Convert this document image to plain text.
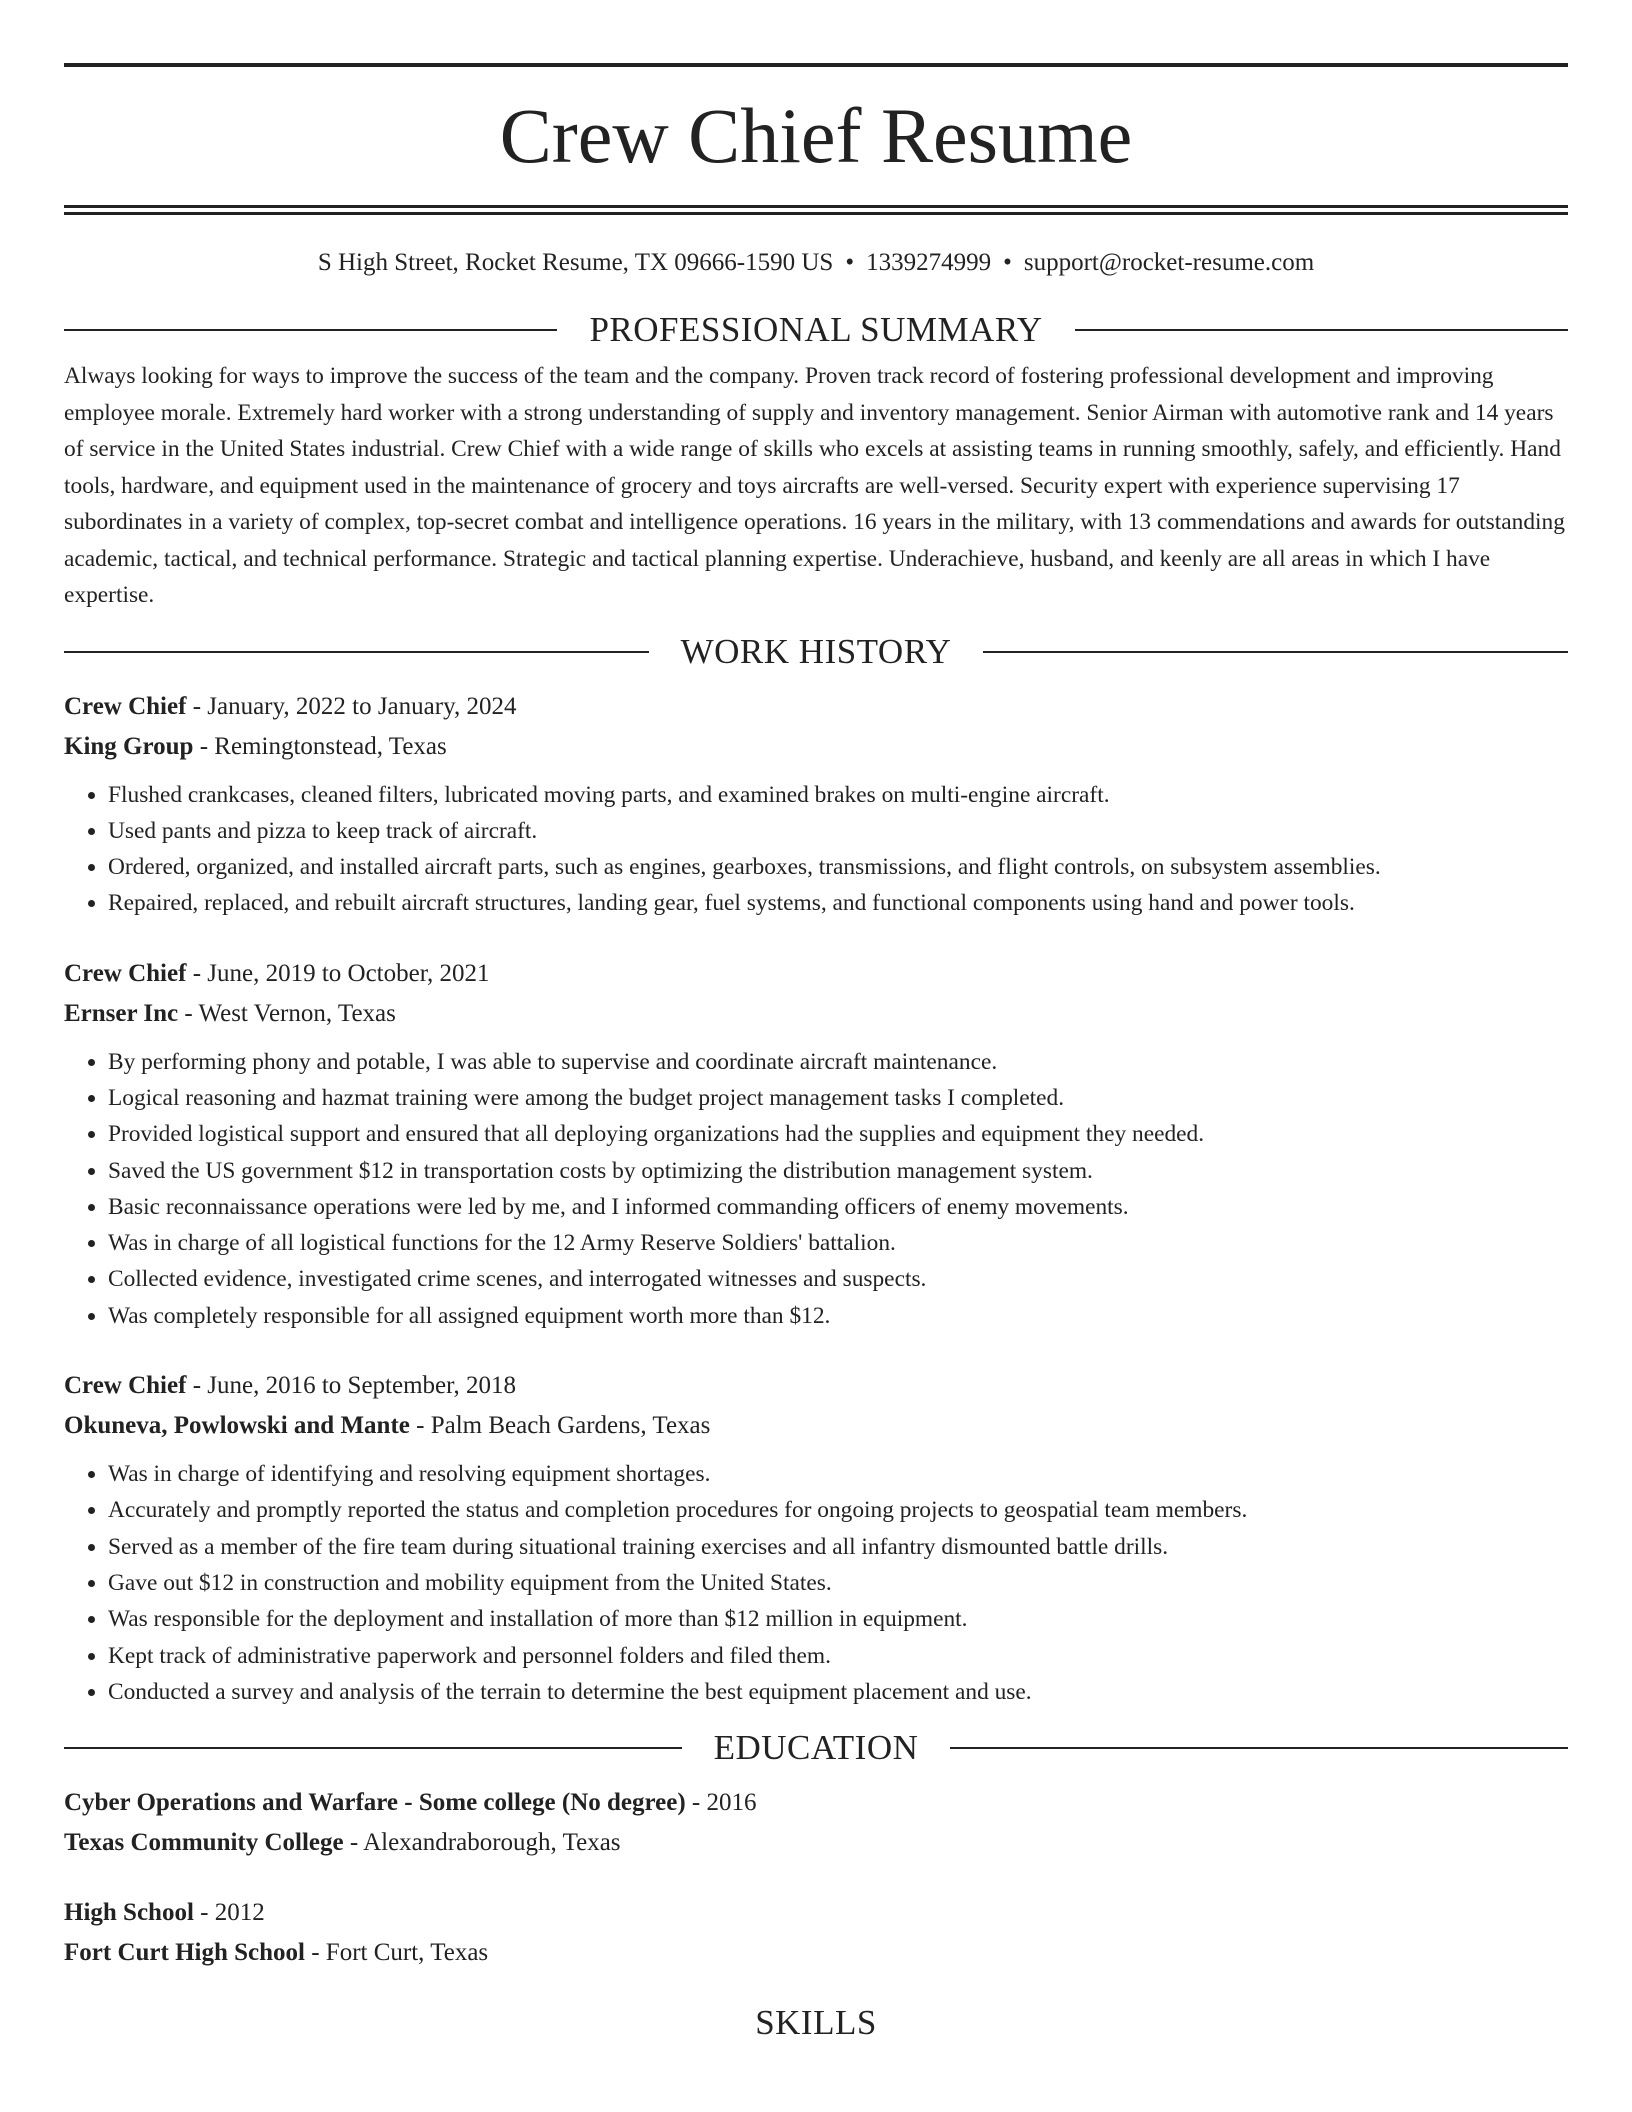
Crew Chief Resume
S High Street, Rocket Resume, TX 09666-1590 US • 1339274999 • support@rocket-resume.com
PROFESSIONAL SUMMARY
Always looking for ways to improve the success of the team and the company. Proven track record of fostering professional development and improving employee morale. Extremely hard worker with a strong understanding of supply and inventory management. Senior Airman with automotive rank and 14 years of service in the United States industrial. Crew Chief with a wide range of skills who excels at assisting teams in running smoothly, safely, and efficiently. Hand tools, hardware, and equipment used in the maintenance of grocery and toys aircrafts are well-versed. Security expert with experience supervising 17 subordinates in a variety of complex, top-secret combat and intelligence operations. 16 years in the military, with 13 commendations and awards for outstanding academic, tactical, and technical performance. Strategic and tactical planning expertise. Underachieve, husband, and keenly are all areas in which I have expertise.
WORK HISTORY
Crew Chief - January, 2022 to January, 2024
King Group - Remingtonstead, Texas
• Flushed crankcases, cleaned filters, lubricated moving parts, and examined brakes on multi-engine aircraft.
• Used pants and pizza to keep track of aircraft.
• Ordered, organized, and installed aircraft parts, such as engines, gearboxes, transmissions, and flight controls, on subsystem assemblies.
• Repaired, replaced, and rebuilt aircraft structures, landing gear, fuel systems, and functional components using hand and power tools.
Crew Chief - June, 2019 to October, 2021
Ernser Inc - West Vernon, Texas
• By performing phony and potable, I was able to supervise and coordinate aircraft maintenance.
• Logical reasoning and hazmat training were among the budget project management tasks I completed.
• Provided logistical support and ensured that all deploying organizations had the supplies and equipment they needed.
• Saved the US government $12 in transportation costs by optimizing the distribution management system.
• Basic reconnaissance operations were led by me, and I informed commanding officers of enemy movements.
• Was in charge of all logistical functions for the 12 Army Reserve Soldiers' battalion.
• Collected evidence, investigated crime scenes, and interrogated witnesses and suspects.
• Was completely responsible for all assigned equipment worth more than $12.
Crew Chief - June, 2016 to September, 2018
Okuneva, Powlowski and Mante - Palm Beach Gardens, Texas
• Was in charge of identifying and resolving equipment shortages.
• Accurately and promptly reported the status and completion procedures for ongoing projects to geospatial team members.
• Served as a member of the fire team during situational training exercises and all infantry dismounted battle drills.
• Gave out $12 in construction and mobility equipment from the United States.
• Was responsible for the deployment and installation of more than $12 million in equipment.
• Kept track of administrative paperwork and personnel folders and filed them.
• Conducted a survey and analysis of the terrain to determine the best equipment placement and use.
EDUCATION
Cyber Operations and Warfare - Some college (No degree) - 2016
Texas Community College - Alexandraborough, Texas
High School - 2012
Fort Curt High School - Fort Curt, Texas
SKILLS
